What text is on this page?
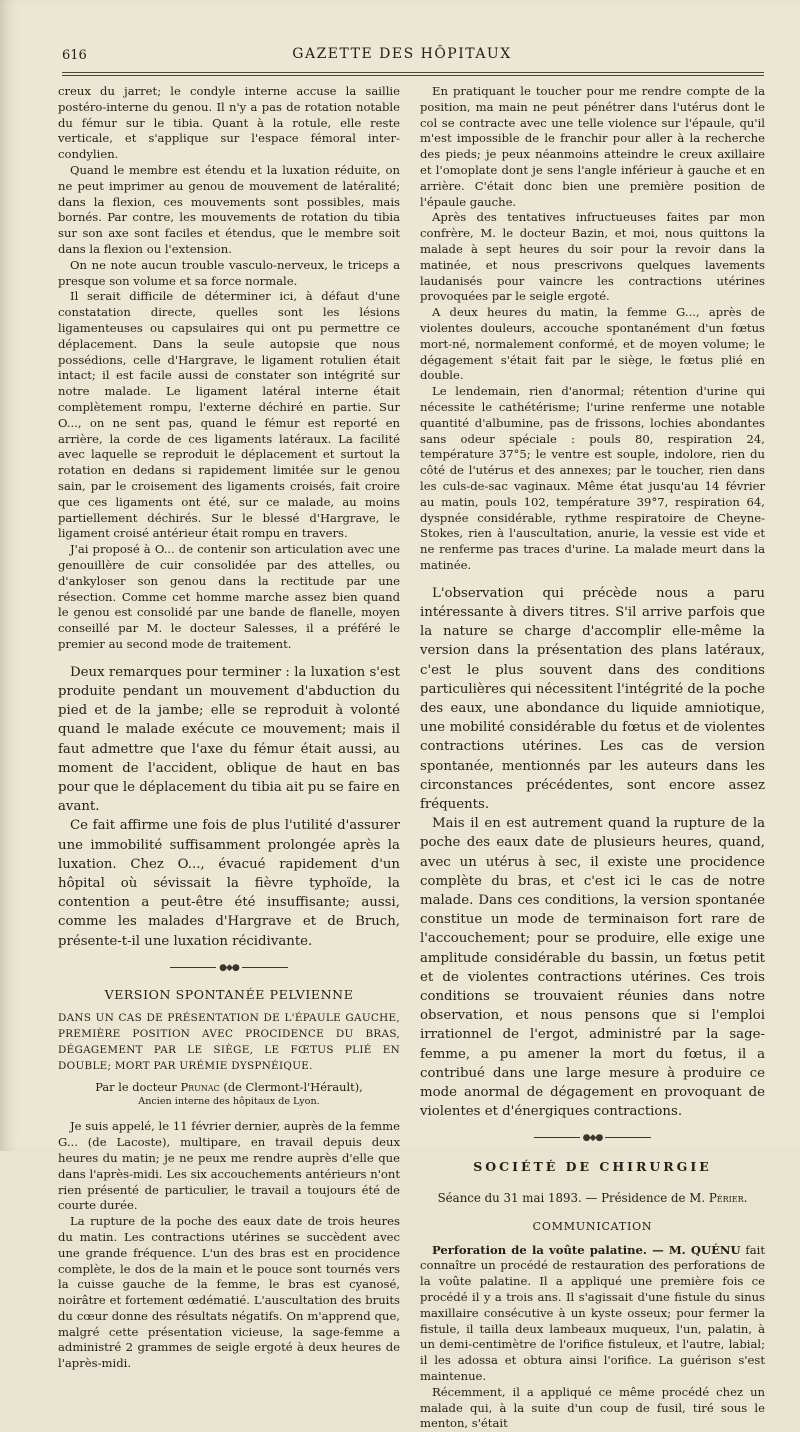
616	GAZETTE DES HÔPITAUX

creux du jarret; le condyle interne accuse la saillie postéro-interne du genou. Il n'y a pas de rotation notable du fémur sur le tibia. Quant à la rotule, elle reste verticale, et s'applique sur l'espace fémoral inter-condylien.

Quand le membre est étendu et la luxation réduite, on ne peut imprimer au genou de mouvement de latéralité; dans la flexion, ces mouvements sont possibles, mais bornés. Par contre, les mouvements de rotation du tibia sur son axe sont faciles et étendus, que le membre soit dans la flexion ou l'extension.

On ne note aucun trouble vasculo-nerveux, le triceps a presque son volume et sa force normale.

Il serait difficile de déterminer ici, à défaut d'une constatation directe, quelles sont les lésions ligamenteuses ou capsulaires qui ont pu permettre ce déplacement. Dans la seule autopsie que nous possédions, celle d'Hargrave, le ligament rotulien était intact; il est facile aussi de constater son intégrité sur notre malade. Le ligament latéral interne était complètement rompu, l'externe déchiré en partie. Sur O..., on ne sent pas, quand le fémur est reporté en arrière, la corde de ces ligaments latéraux. La facilité avec laquelle se reproduit le déplacement et surtout la rotation en dedans si rapidement limitée sur le genou sain, par le croisement des ligaments croisés, fait croire que ces ligaments ont été, sur ce malade, au moins partiellement déchirés. Sur le blessé d'Hargrave, le ligament croisé antérieur était rompu en travers.

J'ai proposé à O... de contenir son articulation avec une genouillère de cuir consolidée par des attelles, ou d'ankyloser son genou dans la rectitude par une résection. Comme cet homme marche assez bien quand le genou est consolidé par une bande de flanelle, moyen conseillé par M. le docteur Salesses, il a préféré le premier au second mode de traitement.

Deux remarques pour terminer : la luxation s'est produite pendant un mouvement d'abduction du pied et de la jambe; elle se reproduit à volonté quand le malade exécute ce mouvement; mais il faut admettre que l'axe du fémur était aussi, au moment de l'accident, oblique de haut en bas pour que le déplacement du tibia ait pu se faire en avant.

Ce fait affirme une fois de plus l'utilité d'assurer une immobilité suffisamment prolongée après la luxation. Chez O..., évacué rapidement d'un hôpital où sévissait la fièvre typhoïde, la contention a peut-être été insuffisante; aussi, comme les malades d'Hargrave et de Bruch, présente-t-il une luxation récidivante.

●◆●
VERSION SPONTANÉE PELVIENNE

DANS UN CAS DE PRÉSENTATION DE L'ÉPAULE GAUCHE, PREMIÈRE POSITION AVEC PROCIDENCE DU BRAS, DÉGAGEMENT PAR LE SIÈGE, LE FŒTUS PLIÉ EN DOUBLE; MORT PAR URÉMIE DYSPNÉIQUE.

Par le docteur Prunac (de Clermont-l'Hérault),
Ancien interne des hôpitaux de Lyon.

Je suis appelé, le 11 février dernier, auprès de la femme G... (de Lacoste), multipare, en travail depuis deux heures du matin; je ne peux me rendre auprès d'elle que dans l'après-midi. Les six accouchements antérieurs n'ont rien présenté de particulier, le travail a toujours été de courte durée.

La rupture de la poche des eaux date de trois heures du matin. Les contractions utérines se succèdent avec une grande fréquence. L'un des bras est en procidence complète, le dos de la main et le pouce sont tournés vers la cuisse gauche de la femme, le bras est cyanosé, noirâtre et fortement œdématié. L'auscultation des bruits du cœur donne des résultats négatifs. On m'apprend que, malgré cette présentation vicieuse, la sage-femme a administré 2 grammes de seigle ergoté à deux heures de l'après-midi.

En pratiquant le toucher pour me rendre compte de la position, ma main ne peut pénétrer dans l'utérus dont le col se contracte avec une telle violence sur l'épaule, qu'il m'est impossible de le franchir pour aller à la recherche des pieds; je peux néanmoins atteindre le creux axillaire et l'omoplate dont je sens l'angle inférieur à gauche et en arrière. C'était donc bien une première position de l'épaule gauche.

Après des tentatives infructueuses faites par mon confrère, M. le docteur Bazin, et moi, nous quittons la malade à sept heures du soir pour la revoir dans la matinée, et nous prescrivons quelques lavements laudanisés pour vaincre les contractions utérines provoquées par le seigle ergoté.

A deux heures du matin, la femme G..., après de violentes douleurs, accouche spontanément d'un fœtus mort-né, normalement conformé, et de moyen volume; le dégagement s'était fait par le siège, le fœtus plié en double.

Le lendemain, rien d'anormal; rétention d'urine qui nécessite le cathétérisme; l'urine renferme une notable quantité d'albumine, pas de frissons, lochies abondantes sans odeur spéciale : pouls 80, respiration 24, température 37°5; le ventre est souple, indolore, rien du côté de l'utérus et des annexes; par le toucher, rien dans les culs-de-sac vaginaux. Même état jusqu'au 14 février au matin, pouls 102, température 39°7, respiration 64, dyspnée considérable, rythme respiratoire de Cheyne-Stokes, rien à l'auscultation, anurie, la vessie est vide et ne renferme pas traces d'urine. La malade meurt dans la matinée.

L'observation qui précède nous a paru intéressante à divers titres. S'il arrive parfois que la nature se charge d'accomplir elle-même la version dans la présentation des plans latéraux, c'est le plus souvent dans des conditions particulières qui nécessitent l'intégrité de la poche des eaux, une abondance du liquide amniotique, une mobilité considérable du fœtus et de violentes contractions utérines. Les cas de version spontanée, mentionnés par les auteurs dans les circonstances précédentes, sont encore assez fréquents.

Mais il en est autrement quand la rupture de la poche des eaux date de plusieurs heures, quand, avec un utérus à sec, il existe une procidence complète du bras, et c'est ici le cas de notre malade. Dans ces conditions, la version spontanée constitue un mode de terminaison fort rare de l'accouchement; pour se produire, elle exige une amplitude considérable du bassin, un fœtus petit et de violentes contractions utérines. Ces trois conditions se trouvaient réunies dans notre observation, et nous pensons que si l'emploi irrationnel de l'ergot, administré par la sage-femme, a pu amener la mort du fœtus, il a contribué dans une large mesure à produire ce mode anormal de dégagement en provoquant de violentes et d'énergiques contractions.

●◆●
SOCIÉTÉ DE CHIRURGIE
Séance du 31 mai 1893. — Présidence de M. Périer.
COMMUNICATION

Perforation de la voûte palatine. — M. QUÉNU fait connaître un procédé de restauration des perforations de la voûte palatine. Il a appliqué une première fois ce procédé il y a trois ans. Il s'agissait d'une fistule du sinus maxillaire consécutive à un kyste osseux; pour fermer la fistule, il tailla deux lambeaux muqueux, l'un, palatin, à un demi-centimètre de l'orifice fistuleux, et l'autre, labial; il les adossa et obtura ainsi l'orifice. La guérison s'est maintenue.

Récemment, il a appliqué ce même procédé chez un malade qui, à la suite d'un coup de fusil, tiré sous le menton, s'était
